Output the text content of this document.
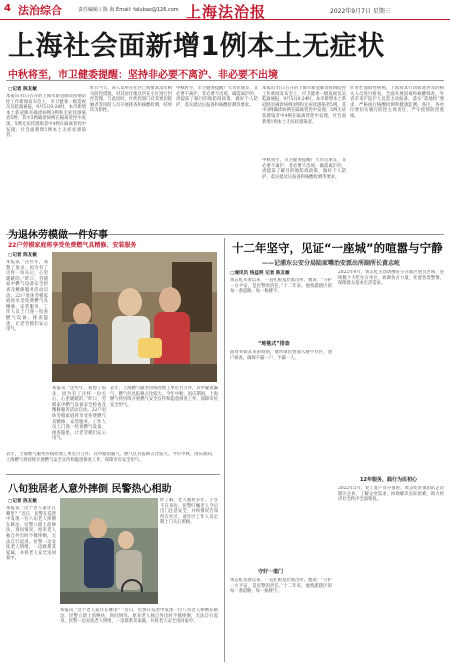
4 法治综合	责任编辑 / 陈 海 Email: falubao@126.com 上海法治报	2022年9月7日 星期三
上海社会面新增1例本土无症状
中秋将至，市卫健委提醒：坚持非必要不离沪、非必要不出境
□记者 陈友敏
本报讯 昨日召开的上海市新冠肺炎疫情防控工作新闻发布会上，市卫健委一级巡视员吴乾渝通报，9月5日0-24时，本市新增本土新冠肺炎确诊病例3例和无症状感染者5例，其中3例确诊病例在隔离管控中发现，5例无症状感染者中4例在隔离管控中发现，社会面新增1例本土无症状感染者。
昨日当天，该人员所在社区已按要求落实相关防控措施，对其居住地及所在小区进行封控管理。与此同时，区疾控部门对其密切接触者等风险人员开展排查和核酸检测，结果均为阴性。
中秋将至，市卫健委提醒广大市民朋友，非必要不离沪、非必要不出境，确需离沪的，请提前了解目的地防疫政策，做好个人防护，落实抵达后报备和核酸检测等要求。
本报讯 昨日召开的上海市新冠肺炎疫情防控工作新闻发布会上，市卫健委一级巡视员吴乾渝通报，9月5日0-24时，本市新增本土新冠肺炎确诊病例3例和无症状感染者5例，其中3例确诊病例在隔离管控中发现，5例无症状感染者中4例在隔离管控中发现，社会面新增1例本土无症状感染者。
针对社面阳性病例，上海对其行动轨迹涉及的相关人员进行排查，全面开展消毒和核酸筛查。外省市来沪返沪人员需主动报备，落实“落地检”要求，严格执行核酸检测和健康监测。各区、各单位要切实履行防控主体责任，严守疫情防控底线。
中秋将至，市卫健委提醒广大市民朋友，非必要不离沪、非必要不出境，确需离沪的，请提前了解目的地防疫政策，做好个人防护，落实抵达后报备和核酸检测等要求。
为退休劳模做一件好事
22户劳模家庭将享受免费燃气具精修、安装服务
□记者 陈友敏
本报讯 “这些年，我想了很多，因为有了这样一份关心，心里暖暖的。”昨日，劳模家中燃气设备安全检查及精修服务活动启动。22户退休劳模家庭将享受免费燃气具精修、安装服务。工作人员上门逐一检查燃气设备，排查隐患，让老劳模们安心用气。
去年，上海燃气服务热线处理工单近百万件，其中疑似漏气、燃气灶具报修占比较大。今年中秋、国庆期间，上海燃气将持续开展燃气安全宣传和隐患排查工作，保障市民安全用气。
去年，上海燃气服务热线处理工单近百万件，其中疑似漏气、燃气灶具报修占比较大。今年中秋、国庆期间，上海燃气将持续开展燃气安全宣传和隐患排查工作，保障市民安全用气。
本报讯 “这些年，我想了很多，因为有了这样一份关心，心里暖暖的。”昨日，劳模家中燃气设备安全检查及精修服务活动启动。22户退休劳模家庭将享受免费燃气具精修、安装服务。工作人员上门逐一检查燃气设备，排查隐患，让老劳模们安心用气。
八旬独居老人意外摔倒 民警热心相助
□记者 陈友敏
本报讯 “这个老人家住在哪里？”近日，民警在巡逻中发现一位八旬老人摔倒在路边，民警立即上前搀扶，询问情况。原来老人独自外出时不慎摔倒，无法自行起身。民警一边安抚老人情绪，一边联系其家属，并将老人安全送回家中。
经了解，老人独居多年，子女不在身边。民警叮嘱老人今后出门注意安全，并将情况告知所在社区，请社区工作人员定期上门关心照顾。
本报讯 “这个老人家住在哪里？”近日，民警在巡逻中发现一位八旬老人摔倒在路边，民警立即上前搀扶，询问情况。原来老人独自外出时不慎摔倒，无法自行起身。民警一边安抚老人情绪，一边联系其家属，并将老人安全送回家中。
十二年坚守，见证“一座城”的喧嚣与宁静
——记浦东公安分局陆家嘴治安派出所副所长黄志屹
□通讯员 钱益明 记者 陈友敏
黄志屹从警以来，一直扎根基层派出所。他说：“守护一方平安，是民警的责任。”十二年来，他熟悉辖区的每一条道路、每一栋楼宇。
“地毯式”排查
面对突如其来的疫情，他带领民警深入楼宇社区，逐户排查，确保不漏一户、不漏一人。
守好一道门
黄志屹从警以来，一直扎根基层派出所。他说：“守护一方平安，是民警的责任。”十二年来，他熟悉辖区的每一条道路、每一栋楼宇。
2022年4月，黄志屹主动请缨驻守在辖区重点区域，连续数十天吃住在单位，协调各方力量，处置各类警情，保障群众基本生活需求。
12年服务，践行为民初心
2022年5月，复工复产有序推进。黄志屹带领团队走访辖区企业，了解企业需求，协助解决实际困难，助力经济社会秩序全面恢复。
